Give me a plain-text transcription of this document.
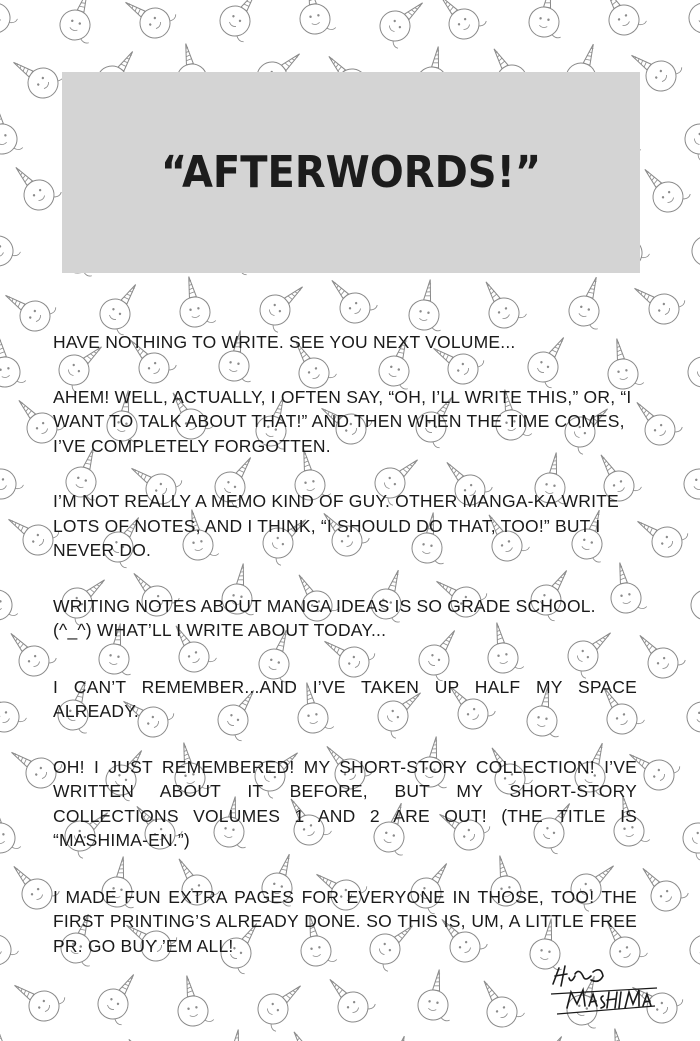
“AFTERWORDS!”

HAVE NOTHING TO WRITE. SEE YOU NEXT VOLUME...

AHEM! WELL, ACTUALLY, I OFTEN SAY, “OH, I’LL WRITE THIS,” OR, “I WANT TO TALK ABOUT THAT!” AND THEN WHEN THE TIME COMES, I’VE COMPLETELY FORGOTTEN.

I’M NOT REALLY A MEMO KIND OF GUY. OTHER MANGA-KA WRITE LOTS OF NOTES, AND I THINK, “I SHOULD DO THAT, TOO!” BUT I NEVER DO.

WRITING NOTES ABOUT MANGA IDEAS IS SO GRADE SCHOOL. (^_^) WHAT’LL I WRITE ABOUT TODAY...

I CAN’T REMEMBER...AND I’VE TAKEN UP HALF MY SPACE ALREADY.

OH! I JUST REMEMBERED! MY SHORT-STORY COLLECTION! I’VE WRITTEN ABOUT IT BEFORE, BUT MY SHORT-STORY COLLECTIONS VOLUMES 1 AND 2 ARE OUT! (THE TITLE IS “MASHIMA-EN.”)

I MADE FUN EXTRA PAGES FOR EVERYONE IN THOSE, TOO! THE FIRST PRINTING’S ALREADY DONE. SO THIS IS, UM, A LITTLE FREE PR. GO BUY ’EM ALL!
